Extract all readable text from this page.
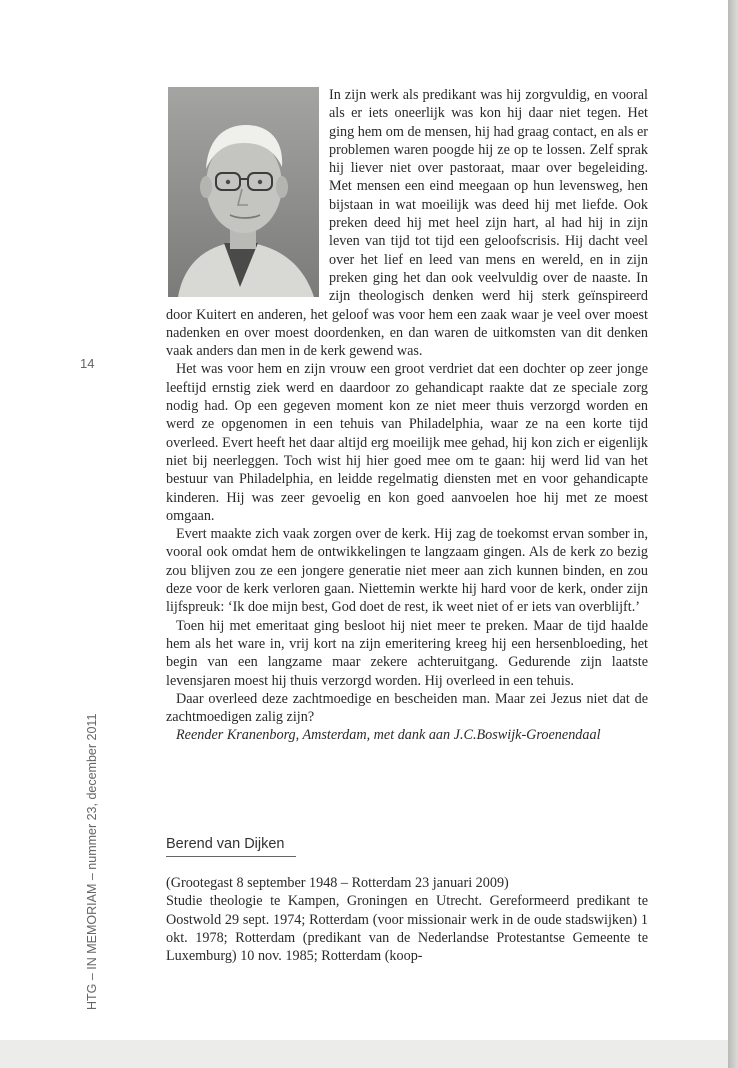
14
HTG – IN MEMORIAM – nummer 23, december 2011

In zijn werk als predikant was hij zorgvuldig, en vooral als er iets oneerlijk was kon hij daar niet tegen. Het ging hem om de mensen, hij had graag contact, en als er problemen waren poogde hij ze op te lossen. Zelf sprak hij liever niet over pastoraat, maar over begeleiding. Met mensen een eind meegaan op hun levensweg, hen bijstaan in wat moeilijk was deed hij met liefde. Ook preken deed hij met heel zijn hart, al had hij in zijn leven van tijd tot tijd een geloofscrisis. Hij dacht veel over het lief en leed van mens en wereld, en in zijn preken ging het dan ook veelvuldig over de naaste. In zijn theologisch denken werd hij sterk geïnspireerd door Kuitert en anderen, het geloof was voor hem een zaak waar je veel over moest nadenken en over moest doordenken, en dan waren de uitkomsten van dit denken vaak anders dan men in de kerk gewend was.

Het was voor hem en zijn vrouw een groot verdriet dat een dochter op zeer jonge leeftijd ernstig ziek werd en daardoor zo gehandicapt raakte dat ze speciale zorg nodig had. Op een gegeven moment kon ze niet meer thuis verzorgd worden en werd ze opgenomen in een tehuis van Philadelphia, waar ze na een korte tijd overleed. Evert heeft het daar altijd erg moeilijk mee gehad, hij kon zich er eigenlijk niet bij neerleggen. Toch wist hij hier goed mee om te gaan: hij werd lid van het bestuur van Philadelphia, en leidde regelmatig diensten met en voor gehandicapte kinderen. Hij was zeer gevoelig en kon goed aanvoelen hoe hij met ze moest omgaan.

Evert maakte zich vaak zorgen over de kerk. Hij zag de toekomst ervan somber in, vooral ook omdat hem de ontwikkelingen te langzaam gingen. Als de kerk zo bezig zou blijven zou ze een jongere generatie niet meer aan zich kunnen binden, en zou deze voor de kerk verloren gaan. Niettemin werkte hij hard voor de kerk, onder zijn lijfspreuk: ‘Ik doe mijn best, God doet de rest, ik weet niet of er iets van overblijft.’

Toen hij met emeritaat ging besloot hij niet meer te preken. Maar de tijd haalde hem als het ware in, vrij kort na zijn emeritering kreeg hij een hersenbloeding, het begin van een langzame maar zekere achteruitgang. Gedurende zijn laatste levensjaren moest hij thuis verzorgd worden. Hij overleed in een tehuis.

Daar overleed deze zachtmoedige en bescheiden man. Maar zei Jezus niet dat de zachtmoedigen zalig zijn?

Reender Kranenborg, Amsterdam, met dank aan J.C.Boswijk-Groenendaal

Berend van Dijken

(Grootegast 8 september 1948 – Rotterdam 23 januari 2009)

Studie theologie te Kampen, Groningen en Utrecht. Gereformeerd predikant te Oostwold 29 sept. 1974; Rotterdam (voor missionair werk in de oude stadswijken) 1 okt. 1978; Rotterdam (predikant van de Nederlandse Protestantse Gemeente te Luxemburg) 10 nov. 1985; Rotterdam (koop-
